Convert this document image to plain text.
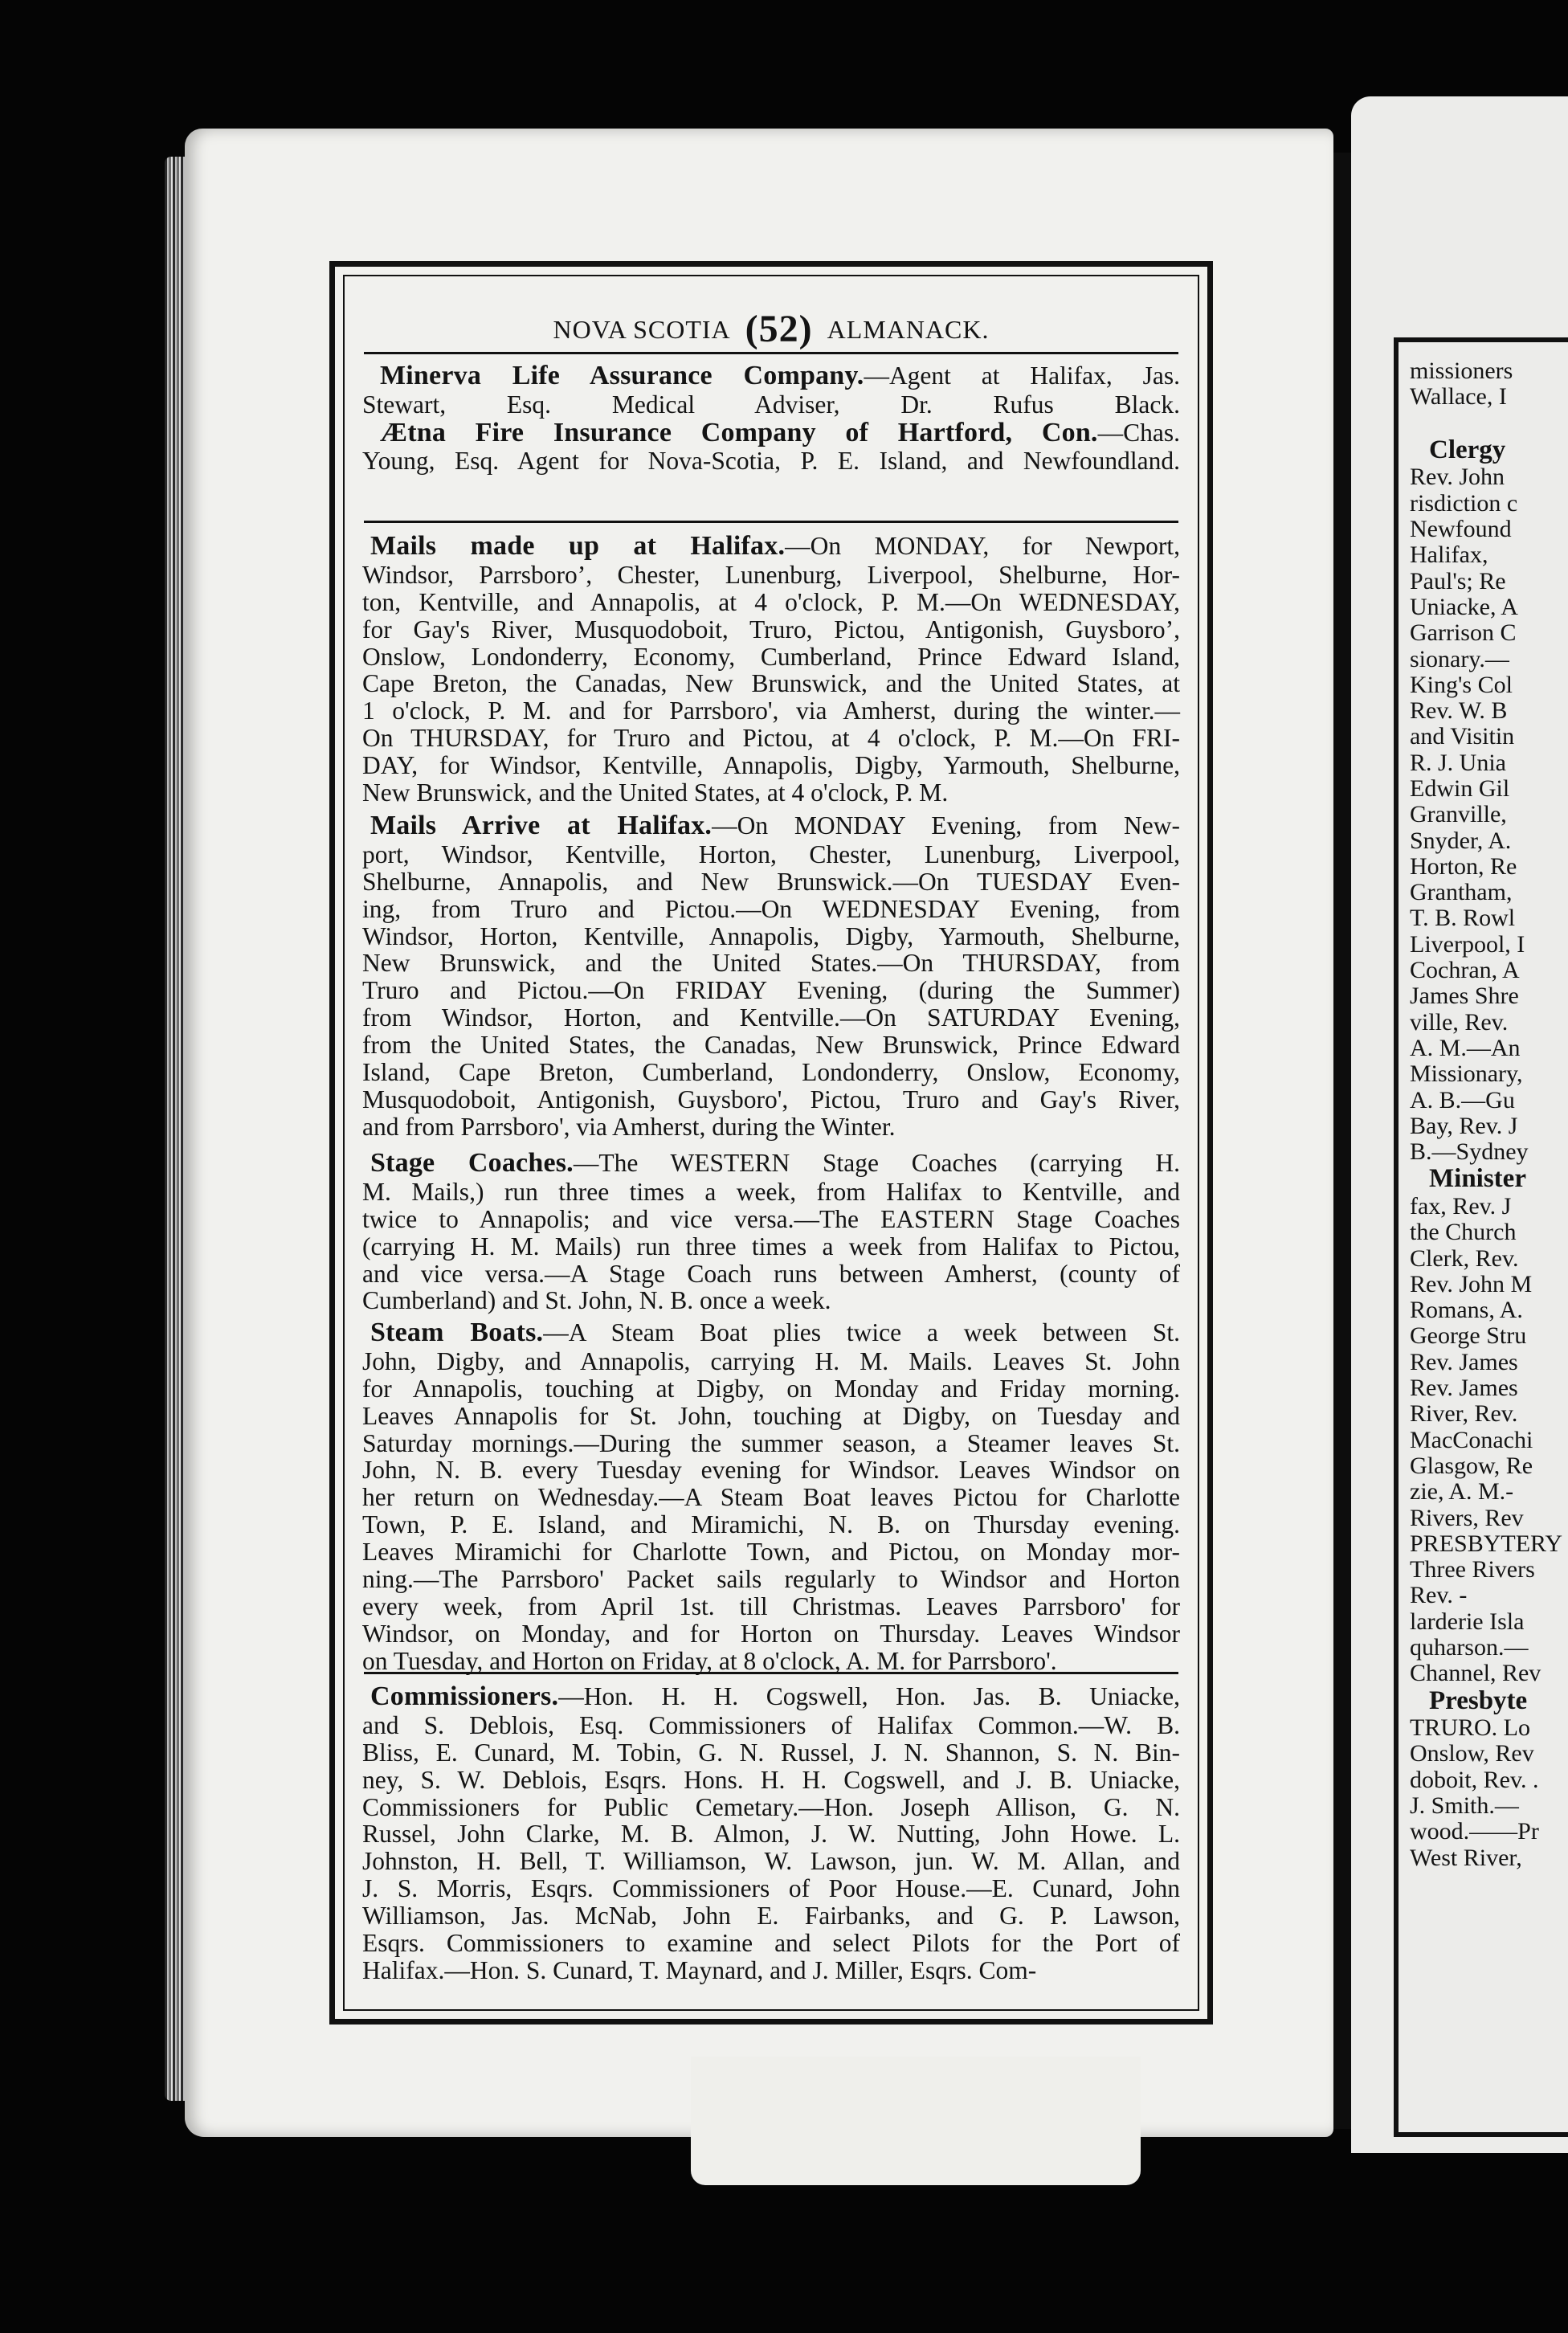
missioners
Wallace, I

Clergy
Rev. John
risdiction c
Newfound
Halifax,
Paul's; Re
Uniacke, A
Garrison C
sionary.—
King's Col
Rev. W. B
and Visitin
R. J. Unia
Edwin Gil
Granville,
Snyder, A.
Horton, Re
Grantham,
T. B. Rowl
Liverpool, I
Cochran, A
James Shre
ville, Rev.
A. M.—An
Missionary,
A. B.—Gu
Bay, Rev. J
B.—Sydney
Minister
fax, Rev. J
the Church
Clerk, Rev.
Rev. John M
Romans, A.
George Stru
Rev. James
Rev. James
River, Rev.
MacConachi
Glasgow, Re
zie, A. M.-
Rivers, Rev
PRESBYTERY
Three Rivers
Rev. -
larderie Isla
quharson.—
Channel, Rev
Presbyte
TRURO. Lo
Onslow, Rev
doboit, Rev. .
J. Smith.—
wood.——Pr
West River,
NOVA SCOTIA (52) ALMANACK.
Minerva Life Assurance Company.—Agent at Halifax, Jas.
Stewart, Esq. Medical Adviser, Dr. Rufus Black.
Ætna Fire Insurance Company of Hartford, Con.—Chas.
Young, Esq. Agent for Nova-Scotia, P. E. Island, and Newfoundland.
Mails made up at Halifax.—On MONDAY, for Newport,
Windsor, Parrsboro’, Chester, Lunenburg, Liverpool, Shelburne, Hor-
ton, Kentville, and Annapolis, at 4 o'clock, P. M.—On WEDNESDAY,
for Gay's River, Musquodoboit, Truro, Pictou, Antigonish, Guysboro’,
Onslow, Londonderry, Economy, Cumberland, Prince Edward Island,
Cape Breton, the Canadas, New Brunswick, and the United States, at
1 o'clock, P. M. and for Parrsboro', via Amherst, during the winter.—
On THURSDAY, for Truro and Pictou, at 4 o'clock, P. M.—On FRI-
DAY, for Windsor, Kentville, Annapolis, Digby, Yarmouth, Shelburne,
New Brunswick, and the United States, at 4 o'clock, P. M.
Mails Arrive at Halifax.—On MONDAY Evening, from New-
port, Windsor, Kentville, Horton, Chester, Lunenburg, Liverpool,
Shelburne, Annapolis, and New Brunswick.—On TUESDAY Even-
ing, from Truro and Pictou.—On WEDNESDAY Evening, from
Windsor, Horton, Kentville, Annapolis, Digby, Yarmouth, Shelburne,
New Brunswick, and the United States.—On THURSDAY, from
Truro and Pictou.—On FRIDAY Evening, (during the Summer)
from Windsor, Horton, and Kentville.—On SATURDAY Evening,
from the United States, the Canadas, New Brunswick, Prince Edward
Island, Cape Breton, Cumberland, Londonderry, Onslow, Economy,
Musquodoboit, Antigonish, Guysboro', Pictou, Truro and Gay's River,
and from Parrsboro', via Amherst, during the Winter.
Stage Coaches.—The WESTERN Stage Coaches (carrying H.
M. Mails,) run three times a week, from Halifax to Kentville, and
twice to Annapolis; and vice versa.—The EASTERN Stage Coaches
(carrying H. M. Mails) run three times a week from Halifax to Pictou,
and vice versa.—A Stage Coach runs between Amherst, (county of
Cumberland) and St. John, N. B. once a week.
Steam Boats.—A Steam Boat plies twice a week between St.
John, Digby, and Annapolis, carrying H. M. Mails. Leaves St. John
for Annapolis, touching at Digby, on Monday and Friday morning.
Leaves Annapolis for St. John, touching at Digby, on Tuesday and
Saturday mornings.—During the summer season, a Steamer leaves St.
John, N. B. every Tuesday evening for Windsor. Leaves Windsor on
her return on Wednesday.—A Steam Boat leaves Pictou for Charlotte
Town, P. E. Island, and Miramichi, N. B. on Thursday evening.
Leaves Miramichi for Charlotte Town, and Pictou, on Monday mor-
ning.—The Parrsboro' Packet sails regularly to Windsor and Horton
every week, from April 1st. till Christmas. Leaves Parrsboro' for
Windsor, on Monday, and for Horton on Thursday. Leaves Windsor
on Tuesday, and Horton on Friday, at 8 o'clock, A. M. for Parrsboro'.
Commissioners.—Hon. H. H. Cogswell, Hon. Jas. B. Uniacke,
and S. Deblois, Esq. Commissioners of Halifax Common.—W. B.
Bliss, E. Cunard, M. Tobin, G. N. Russel, J. N. Shannon, S. N. Bin-
ney, S. W. Deblois, Esqrs. Hons. H. H. Cogswell, and J. B. Uniacke,
Commissioners for Public Cemetary.—Hon. Joseph Allison, G. N.
Russel, John Clarke, M. B. Almon, J. W. Nutting, John Howe. L.
Johnston, H. Bell, T. Williamson, W. Lawson, jun. W. M. Allan, and
J. S. Morris, Esqrs. Commissioners of Poor House.—E. Cunard, John
Williamson, Jas. McNab, John E. Fairbanks, and G. P. Lawson,
Esqrs. Commissioners to examine and select Pilots for the Port of
Halifax.—Hon. S. Cunard, T. Maynard, and J. Miller, Esqrs. Com-
